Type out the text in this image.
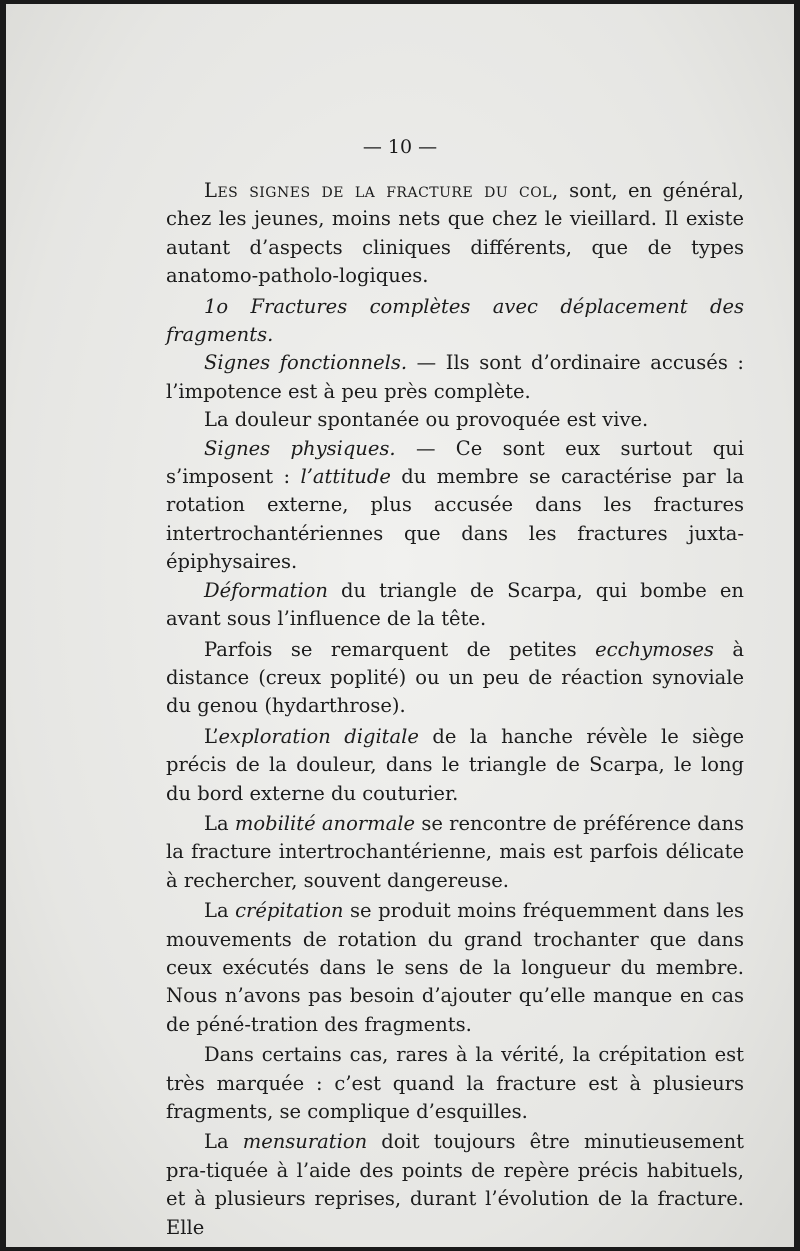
— 10 —

Les signes de la fracture du col, sont, en général, chez les jeunes, moins nets que chez le vieillard. Il existe autant d’aspects cliniques différents, que de types anatomo-patholo-logiques.

1o Fractures complètes avec déplacement des fragments.

Signes fonctionnels. — Ils sont d’ordinaire accusés : l’impotence est à peu près complète.

La douleur spontanée ou provoquée est vive.

Signes physiques. — Ce sont eux surtout qui s’imposent : l’attitude du membre se caractérise par la rotation externe, plus accusée dans les fractures intertrochantériennes que dans les fractures juxta-épiphysaires.

Déformation du triangle de Scarpa, qui bombe en avant sous l’influence de la tête.

Parfois se remarquent de petites ecchymoses à distance (creux poplité) ou un peu de réaction synoviale du genou (hydarthrose).

L’exploration digitale de la hanche révèle le siège précis de la douleur, dans le triangle de Scarpa, le long du bord externe du couturier.

La mobilité anormale se rencontre de préférence dans la fracture intertrochantérienne, mais est parfois délicate à rechercher, souvent dangereuse.

La crépitation se produit moins fréquemment dans les mouvements de rotation du grand trochanter que dans ceux exécutés dans le sens de la longueur du membre. Nous n’avons pas besoin d’ajouter qu’elle manque en cas de péné-tration des fragments.

Dans certains cas, rares à la vérité, la crépitation est très marquée : c’est quand la fracture est à plusieurs fragments, se complique d’esquilles.

La mensuration doit toujours être minutieusement pra-tiquée à l’aide des points de repère précis habituels, et à plusieurs reprises, durant l’évolution de la fracture. Elle
